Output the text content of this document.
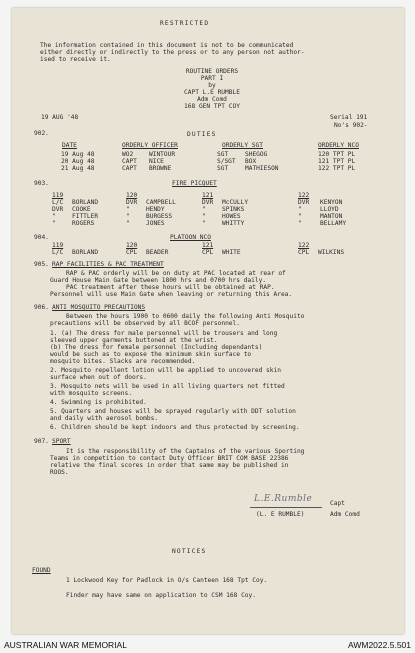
RESTRICTED
The information contained in this document is not to be communicated
either directly or indirectly to the press or to any person not author-
ised to receive it.
ROUTINE ORDERS
PART I
by
CAPT L.E RUMBLE
Adm Comd
168 GEN TPT COY
19 AUG '48	Serial 191
No's 902-
902.	DUTIES
DATE	ORDERLY OFFICER	ORDERLY SGT	ORDERLY NCO
19 Aug 48	WO2	WINTOUR	SGT	SHEGOG	120 TPT PL
20 Aug 48	CAPT NICE	S/SGT BOX	121 TPT PL
21 Aug 48	CAPT BROWNE	SGT	MATHIESON	122 TPT PL
903.	FIRE PICQUET
119	120	121	122
L/C BORLAND	DVR CAMPBELL	DVR McCULLY	DVR KENYON
DVR COOKE	"	HENDY	"	SPINKS	"	LLOYD
"	FITTLER	"	BURGESS	"	HOWES	"	MANTON
"	ROGERS	"	JONES	"	WHITTY	"	BELLAMY
904.	PLATOON NCO
119	120	121	122
L/C BORLAND	CPL BEADER	CPL WHITE	CPL WILKINS
905. RAP FACILITIES & PAC TREATMENT
RAP & PAC orderly will be on duty at PAC located at rear of
Guard House Main Gate between 1800 hrs and 0700 hrs daily.
PAC treatment after these hours will be obtained at RAP.
Personnel will use Main Gate when leaving or returning this Area.
906. ANTI MOSQUITO PRECAUTIONS
Between the hours 1900 to 0600 daily the following Anti Mosquito
precautions will be observed by all BCOF personnel.
1. (a) The dress for male personnel will be trousers and long
sleeved upper garments buttoned at the wrist.
(b) The dress for female personnel (Including dependants)
would be such as to expose the minimum skin surface to
mosquito bites. Slacks are recommended.
2. Mosquito repellent lotion will be applied to uncovered skin
surface when out of doors.
3. Mosquito nets will be used in all living quarters not fitted
with mosquito screens.
4. Swimming is prohibited.
5. Quarters and houses will be sprayed regularly with DDT solution
and daily with aerosol bombs.
6. Children should be kept indoors and thus protected by screening.
907. SPORT
It is the responsibility of the Captains of the various Sporting
Teams in competition to contact Duty Officer BRIT COM BASE 22386
relative the final scores in order that same may be published in
ROOS.
L.E.Rumble	Capt
(L. E RUMBLE)	Adm Comd
NOTICES
FOUND
1 Lockwood Key for Padlock in O/s Canteen 168 Tpt Coy.
Finder may have same on application to CSM 168 Coy.
AUSTRALIAN WAR MEMORIAL	AWM2022.5.501
